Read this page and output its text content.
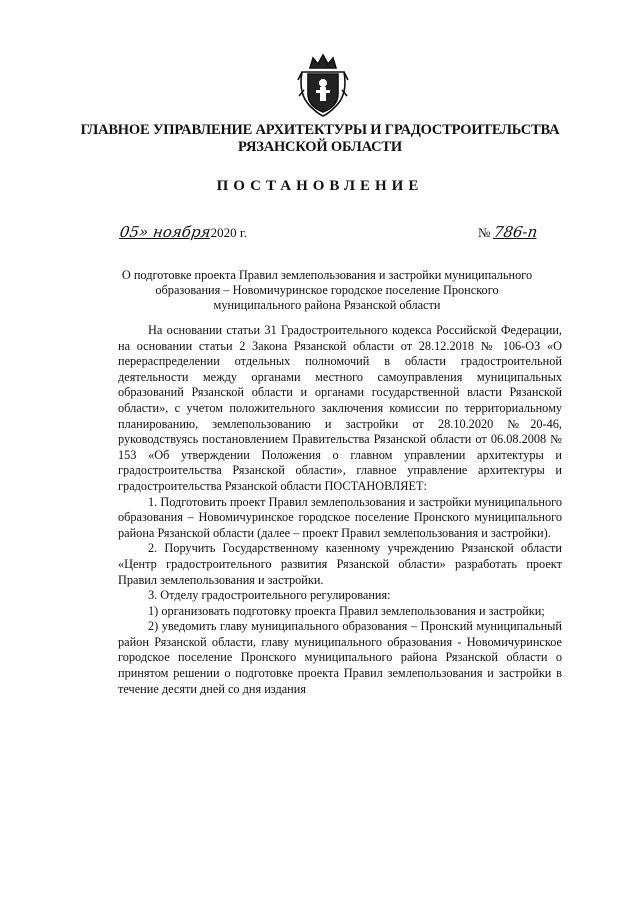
ГЛАВНОЕ УПРАВЛЕНИЕ АРХИТЕКТУРЫ И ГРАДОСТРОИТЕЛЬСТВА
РЯЗАНСКОЙ ОБЛАСТИ
ПОСТАНОВЛЕНИЕ
05» ноября2020 г.	№ 786-п
О подготовке проекта Правил землепользования и застройки муниципального образования – Новомичуринское городское поселение Пронского муниципального района Рязанской области

На основании статьи 31 Градостроительного кодекса Российской Федерации, на основании статьи 2 Закона Рязанской области от 28.12.2018 № 106-ОЗ «О перераспределении отдельных полномочий в области градостроительной деятельности между органами местного самоуправления муниципальных образований Рязанской области и органами государственной власти Рязанской области», с учетом положительного заключения комиссии по территориальному планированию, землепользованию и застройки от 28.10.2020 №20-46, руководствуясь постановлением Правительства Рязанской области от 06.08.2008 № 153 «Об утверждении Положения о главном управлении архитектуры и градостроительства Рязанской области», главное управление архитектуры и градостроительства Рязанской области ПОСТАНОВЛЯЕТ:

1. Подготовить проект Правил землепользования и застройки муниципального образования – Новомичуринское городское поселение Пронского муниципального района Рязанской области (далее – проект Правил землепользования и застройки).

2. Поручить Государственному казенному учреждению Рязанской области «Центр градостроительного развития Рязанской области» разработать проект Правил землепользования и застройки.

3. Отделу градостроительного регулирования:

1) организовать подготовку проекта Правил землепользования и застройки;

2) уведомить главу муниципального образования – Пронский муниципальный район Рязанской области, главу муниципального образования - Новомичуринское городское поселение Пронского муниципального района Рязанской области о принятом решении о подготовке проекта Правил землепользования и застройки в течение десяти дней со дня издания
